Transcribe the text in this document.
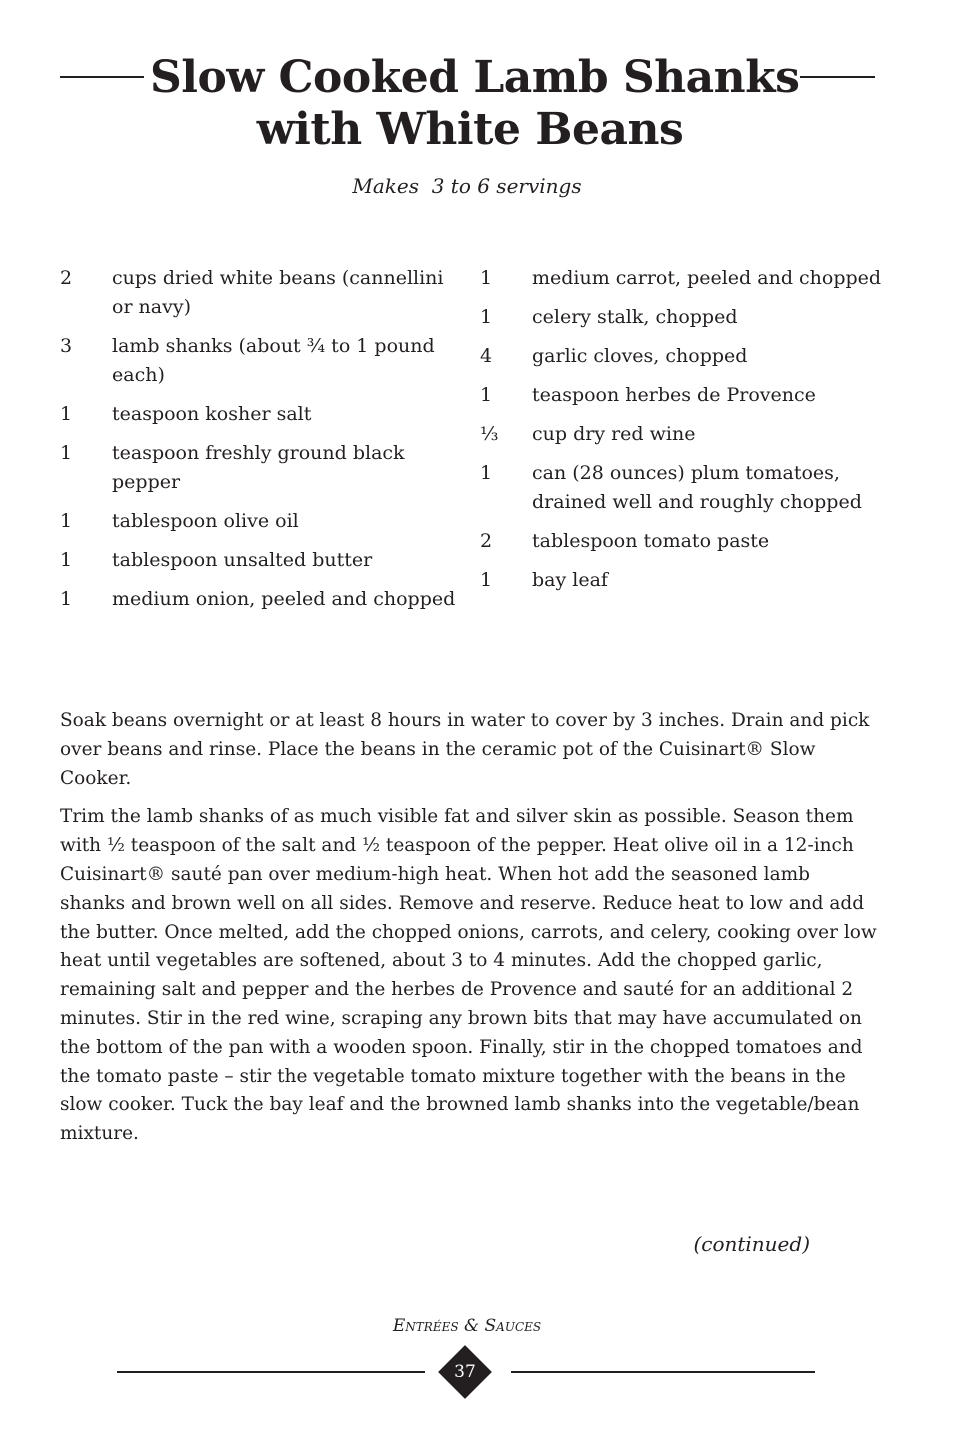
Slow Cooked Lamb Shanks
with White Beans
Makes  3 to 6 servings
2	cups dried white beans (cannellini or navy)
3	lamb shanks (about ¾ to 1 pound each)
1	teaspoon kosher salt
1	teaspoon freshly ground black pepper
1	tablespoon olive oil
1	tablespoon unsalted butter
1	medium onion, peeled and chopped
1	medium carrot, peeled and chopped
1	celery stalk, chopped
4	garlic cloves, chopped
1	teaspoon herbes de Provence
⅓	cup dry red wine
1	can (28 ounces) plum tomatoes, drained well and roughly chopped
2	tablespoon tomato paste
1	bay leaf

Soak beans overnight or at least 8 hours in water to cover by 3 inches. Drain and pick over beans and rinse. Place the beans in the ceramic pot of the Cuisinart® Slow Cooker.

Trim the lamb shanks of as much visible fat and silver skin as possible. Season them with ½ teaspoon of the salt and ½ teaspoon of the pepper. Heat olive oil in a 12-inch Cuisinart® sauté pan over medium-high heat. When hot add the seasoned lamb shanks and brown well on all sides. Remove and reserve. Reduce heat to low and add the butter. Once melted, add the chopped onions, carrots, and celery, cooking over low heat until vegetables are softened, about 3 to 4 minutes. Add the chopped garlic, remaining salt and pepper and the herbes de Provence and sauté for an additional 2 minutes. Stir in the red wine, scraping any brown bits that may have accumulated on the bottom of the pan with a wooden spoon. Finally, stir in the chopped tomatoes and the tomato paste – stir the vegetable tomato mixture together with the beans in the slow cooker. Tuck the bay leaf and the browned lamb shanks into the vegetable/bean mixture.

(continued)
Entrées & Sauces
37
